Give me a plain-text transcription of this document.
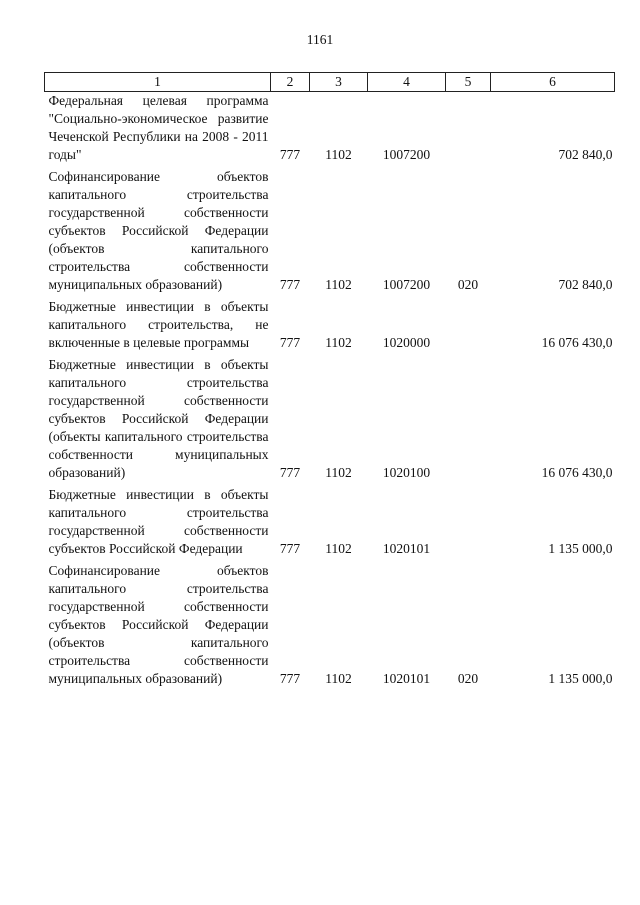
1161
1	2	3	4	5	6
Федеральная целевая программа "Социально-экономическое развитие Чеченской Республики на 2008 - 2011 годы"	777	1102	1007200		702 840,0
Софинансирование объектов капитального строительства государственной собственности субъектов Российской Федерации (объектов капитального строительства собственности муниципальных образований)	777	1102	1007200	020	702 840,0
Бюджетные инвестиции в объекты капитального строительства, не включенные в целевые программы	777	1102	1020000		16 076 430,0
Бюджетные инвестиции в объекты капитального строительства государственной собственности субъектов Российской Федерации (объекты капитального строительства собственности муниципальных образований)	777	1102	1020100		16 076 430,0
Бюджетные инвестиции в объекты капитального строительства государственной собственности субъектов Российской Федерации	777	1102	1020101		1 135 000,0
Софинансирование объектов капитального строительства государственной собственности субъектов Российской Федерации (объектов капитального строительства собственности муниципальных образований)	777	1102	1020101	020	1 135 000,0
